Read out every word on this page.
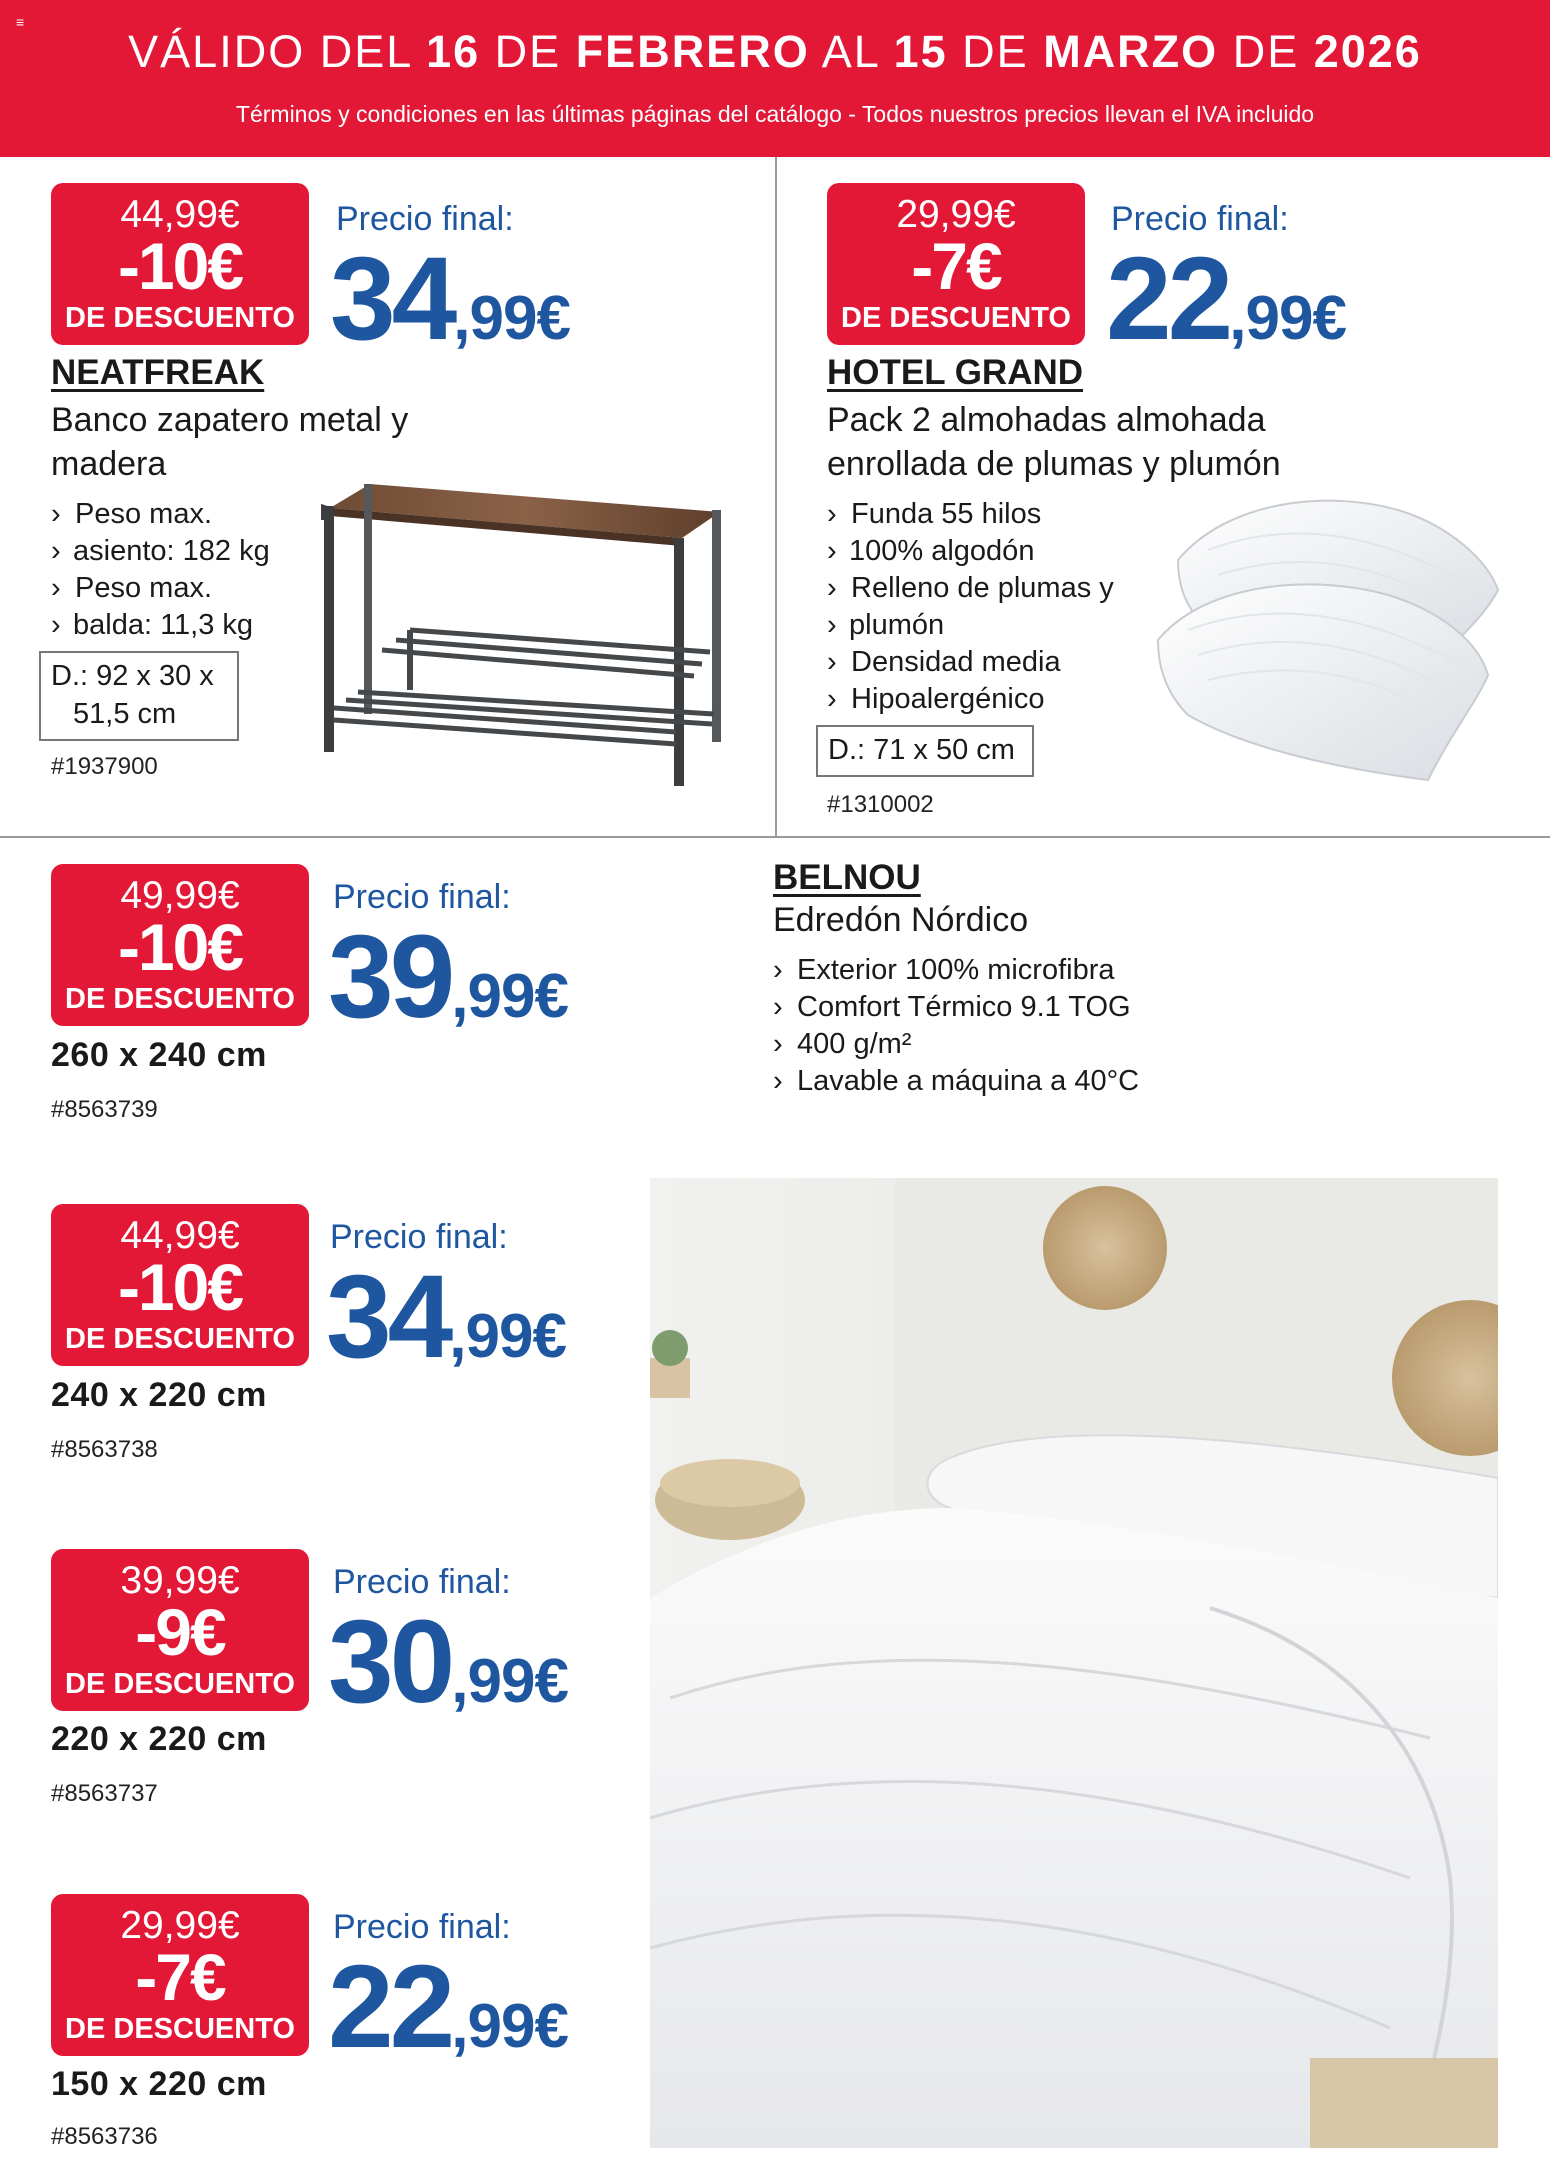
≡
VÁLIDO DEL 16 DE FEBRERO AL 15 DE MARZO DE 2026
Términos y condiciones en las últimas páginas del catálogo - Todos nuestros precios llevan el IVA incluido
44,99€
-10€
DE DESCUENTO
Precio final:
34,99€
NEATFREAK
Banco zapatero metal y
madera
› Peso max.
› asiento: 182 kg
› Peso max.
› balda: 11,3 kg
D.: 92 x 30 x
51,5 cm
#1937900
29,99€
-7€
DE DESCUENTO
Precio final:
22,99€
HOTEL GRAND
Pack 2 almohadas almohada
enrollada de plumas y plumón
› Funda 55 hilos
› 100% algodón
› Relleno de plumas y
› plumón
› Densidad media
› Hipoalergénico
D.: 71 x 50 cm
#1310002
BELNOU
Edredón Nórdico
› Exterior 100% microfibra
› Comfort Térmico 9.1 TOG
› 400 g/m²
› Lavable a máquina a 40°C
49,99€
-10€
DE DESCUENTO
Precio final:
39,99€
260 x 240 cm
#8563739
44,99€
-10€
DE DESCUENTO
Precio final:
34,99€
240 x 220 cm
#8563738
39,99€
-9€
DE DESCUENTO
Precio final:
30,99€
220 x 220 cm
#8563737
29,99€
-7€
DE DESCUENTO
Precio final:
22,99€
150 x 220 cm
#8563736
